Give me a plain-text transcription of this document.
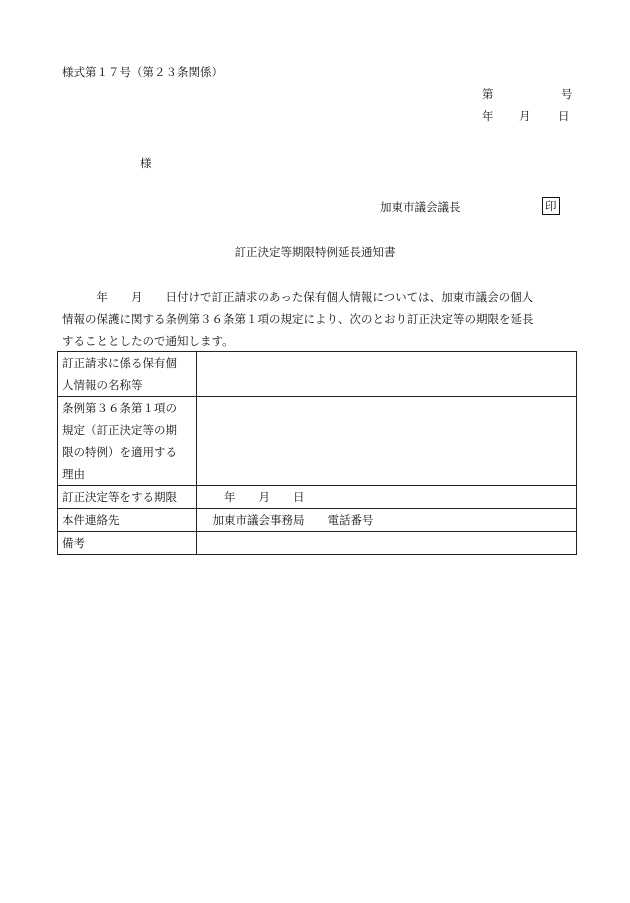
様式第１７号（第２３条関係）
第	号
年 月 日
様
加東市議会議長	印
訂正決定等期限特例延長通知書

　　　年　　月　　日付けで訂正請求のあった保有個人情報については、加東市議会の個人

情報の保護に関する条例第３６条第１項の規定により、次のとおり訂正決定等の期限を延長

することとしたので通知します。

訂正請求に係る保有個
人情報の名称等	

条例第３６条第１項の
規定（訂正決定等の期
限の特例）を適用する
理由	

訂正決定等をする期限	　　年　　月　　日

本件連絡先	　加東市議会事務局　　電話番号

備考	
